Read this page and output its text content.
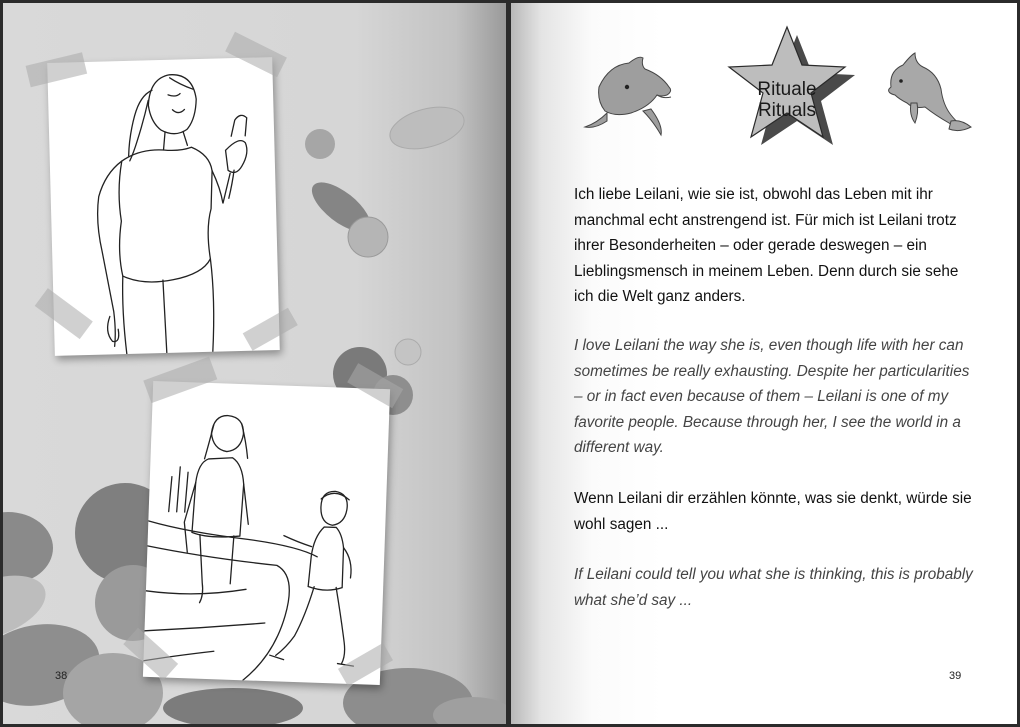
38
Rituale
Rituals

Ich liebe Leilani, wie sie ist, obwohl das Leben mit ihr manchmal echt anstrengend ist. Für mich ist Leilani trotz ihrer Besonderheiten – oder gerade deswegen – ein Lieblingsmensch in meinem Leben. Denn durch sie sehe ich die Welt ganz anders.

I love Leilani the way she is, even though life with her can sometimes be really exhausting. Despite her particularities – or in fact even because of them – Leilani is one of my favorite people. Because through her, I see the world in a different way.

Wenn Leilani dir erzählen könnte, was sie denkt, würde sie wohl sagen ...

If Leilani could tell you what she is thinking, this is probably what she’d say ...

39
